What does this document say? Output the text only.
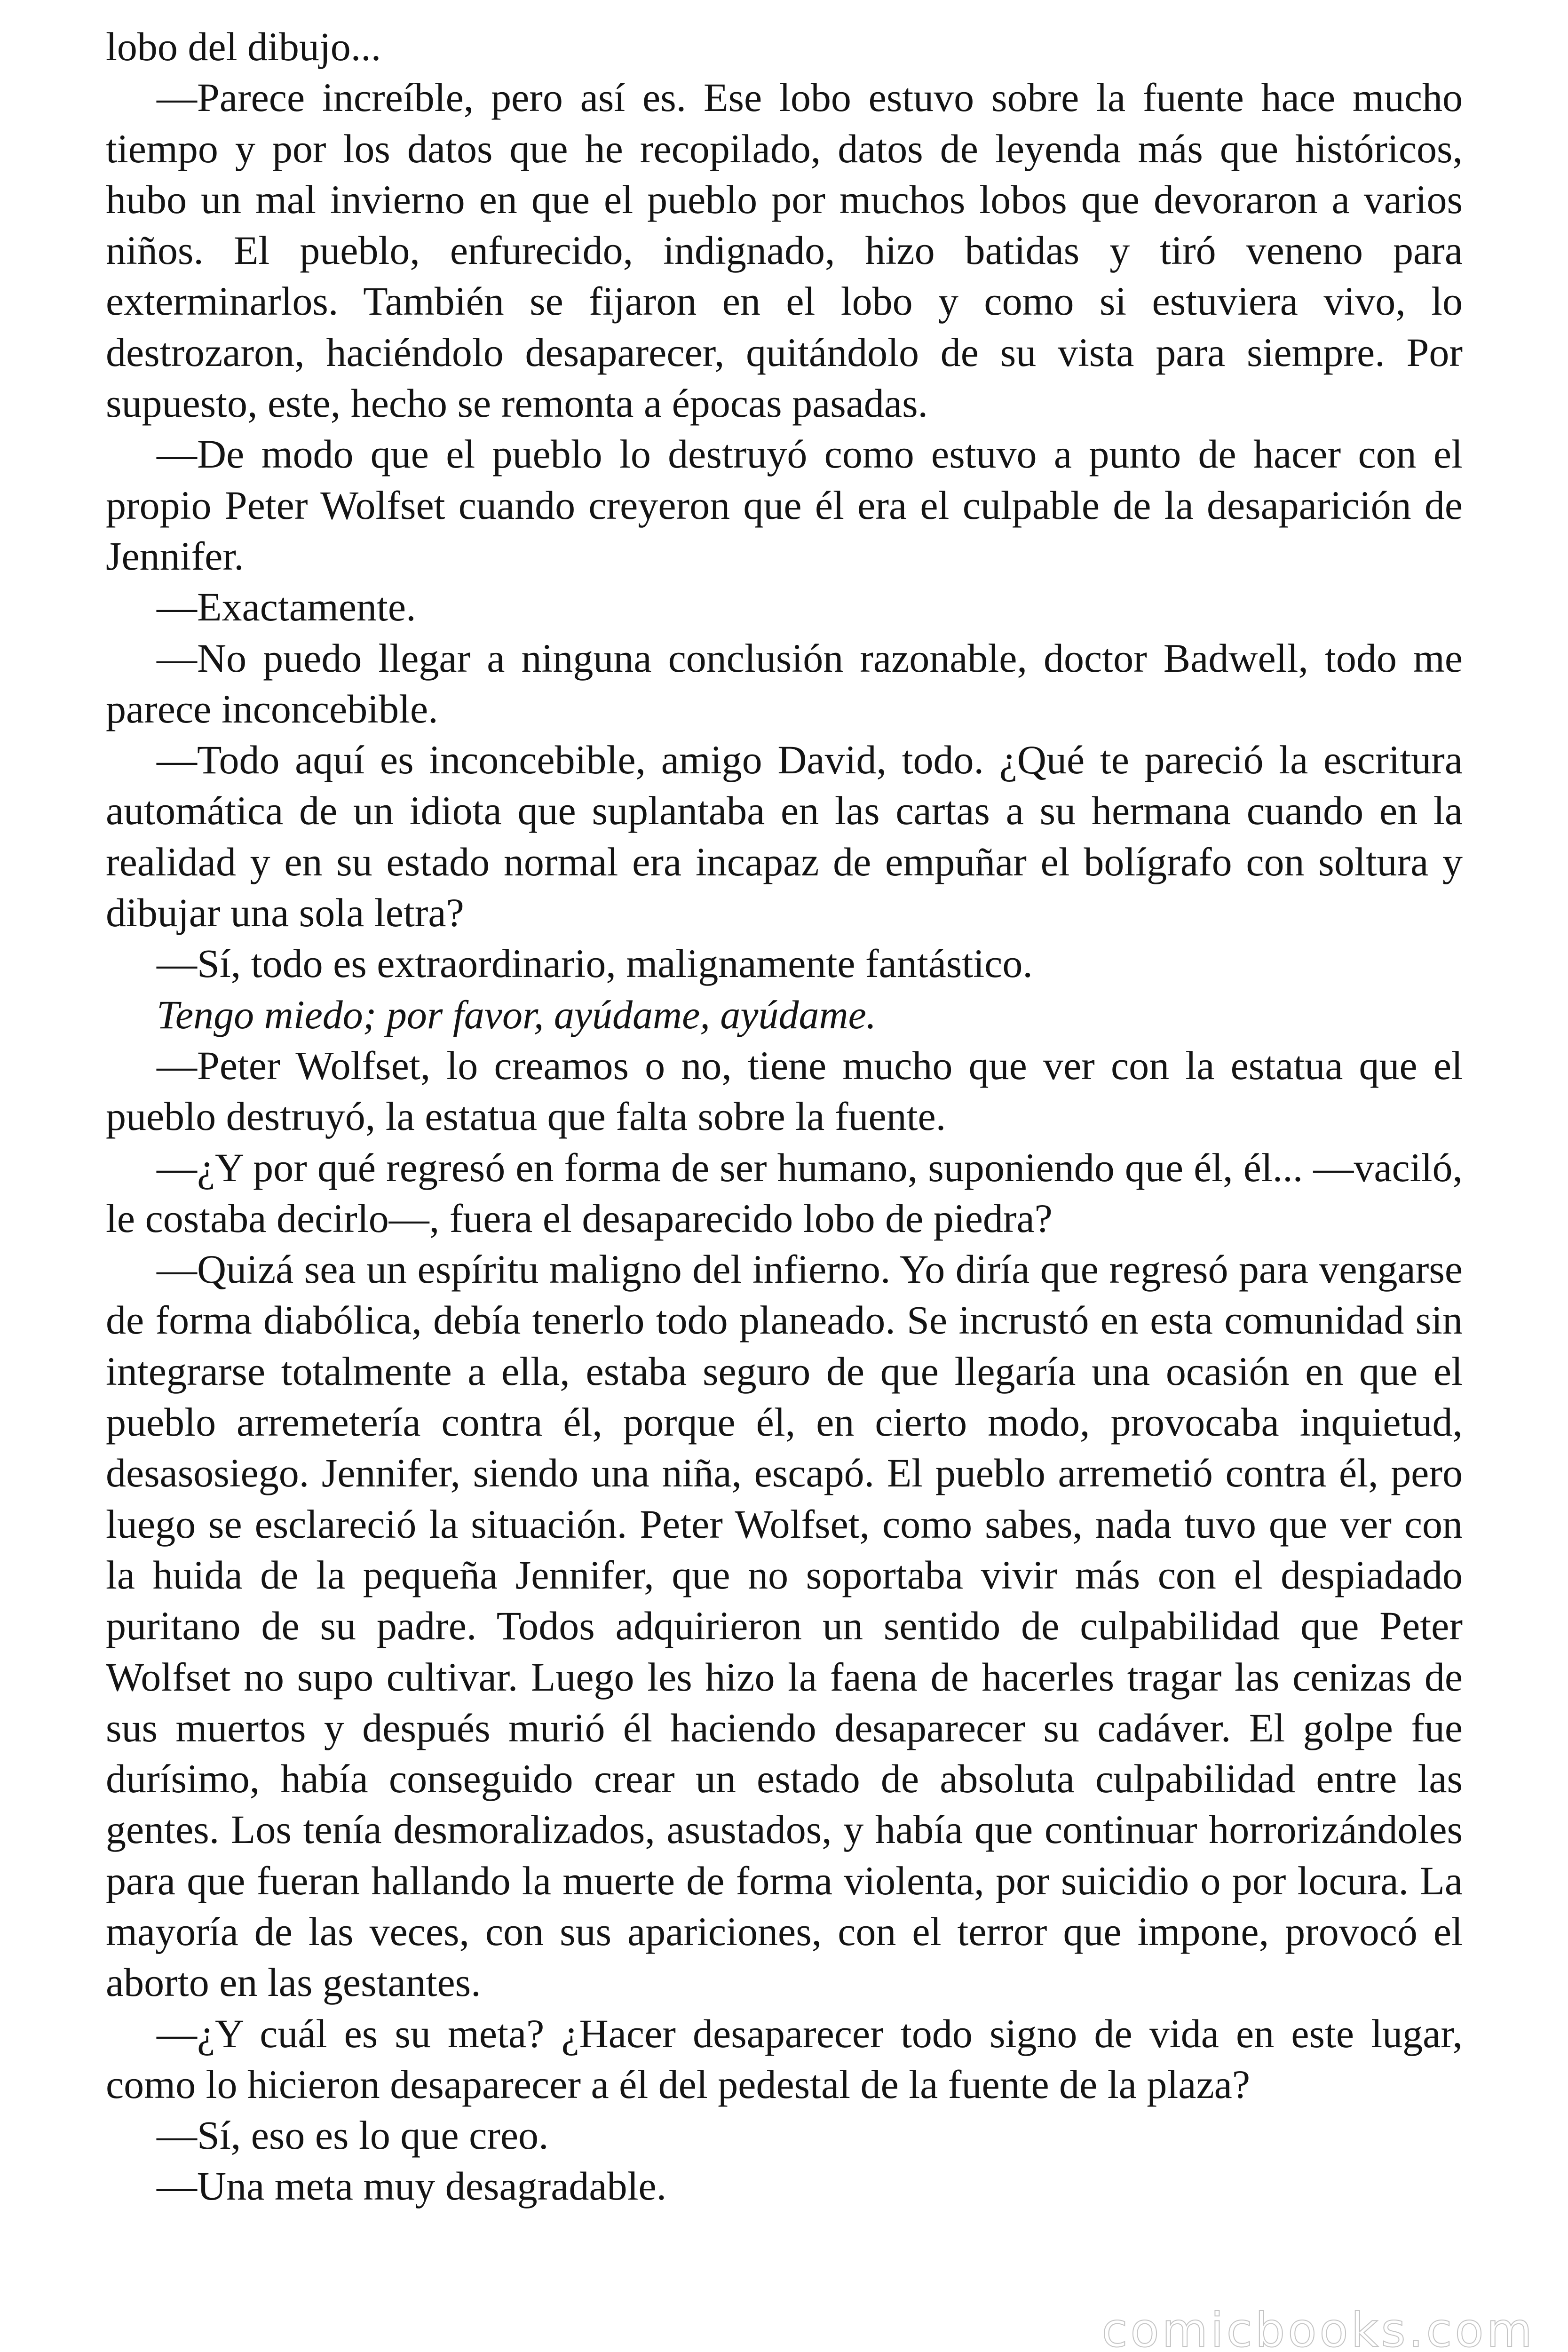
lobo del dibujo...

—Parece increíble, pero así es. Ese lobo estuvo sobre la fuente hace mucho tiempo y por los datos que he recopilado, datos de leyenda más que históricos, hubo un mal invierno en que el pueblo por muchos lobos que devoraron a varios niños. El pueblo, enfurecido, indignado, hizo batidas y tiró veneno para exterminarlos. También se fijaron en el lobo y como si estuviera vivo, lo destrozaron, haciéndolo desaparecer, quitándolo de su vista para siempre. Por supuesto, este, hecho se remonta a épocas pasadas.

—De modo que el pueblo lo destruyó como estuvo a punto de hacer con el propio Peter Wolfset cuando creyeron que él era el culpable de la desaparición de Jennifer.

—Exactamente.

—No puedo llegar a ninguna conclusión razonable, doctor Badwell, todo me parece inconcebible.

—Todo aquí es inconcebible, amigo David, todo. ¿Qué te pareció la escritura automática de un idiota que suplantaba en las cartas a su hermana cuando en la realidad y en su estado normal era incapaz de empuñar el bolígrafo con soltura y dibujar una sola letra?

—Sí, todo es extraordinario, malignamente fantástico.

Tengo miedo; por favor, ayúdame, ayúdame.

—Peter Wolfset, lo creamos o no, tiene mucho que ver con la estatua que el pueblo destruyó, la estatua que falta sobre la fuente.

—¿Y por qué regresó en forma de ser humano, suponiendo que él, él... —vaciló, le costaba decirlo—, fuera el desaparecido lobo de piedra?

—Quizá sea un espíritu maligno del infierno. Yo diría que regresó para vengarse de forma diabólica, debía tenerlo todo planeado. Se incrustó en esta comunidad sin integrarse totalmente a ella, estaba seguro de que llegaría una ocasión en que el pueblo arremetería contra él, porque él, en cierto modo, provocaba inquietud, desasosiego. Jennifer, siendo una niña, escapó. El pueblo arremetió contra él, pero luego se esclareció la situación. Peter Wolfset, como sabes, nada tuvo que ver con la huida de la pequeña Jennifer, que no soportaba vivir más con el despiadado puritano de su padre. Todos adquirieron un sentido de culpabilidad que Peter Wolfset no supo cultivar. Luego les hizo la faena de hacerles tragar las cenizas de sus muertos y después murió él haciendo desaparecer su cadáver. El golpe fue durísimo, había conseguido crear un estado de absoluta culpabilidad entre las gentes. Los tenía desmoralizados, asustados, y había que continuar horrorizándoles para que fueran hallando la muerte de forma violenta, por suicidio o por locura. La mayoría de las veces, con sus apariciones, con el terror que impone, provocó el aborto en las gestantes.

—¿Y cuál es su meta? ¿Hacer desaparecer todo signo de vida en este lugar, como lo hicieron desaparecer a él del pedestal de la fuente de la plaza?

—Sí, eso es lo que creo.

—Una meta muy desagradable.

comicbooks.com
